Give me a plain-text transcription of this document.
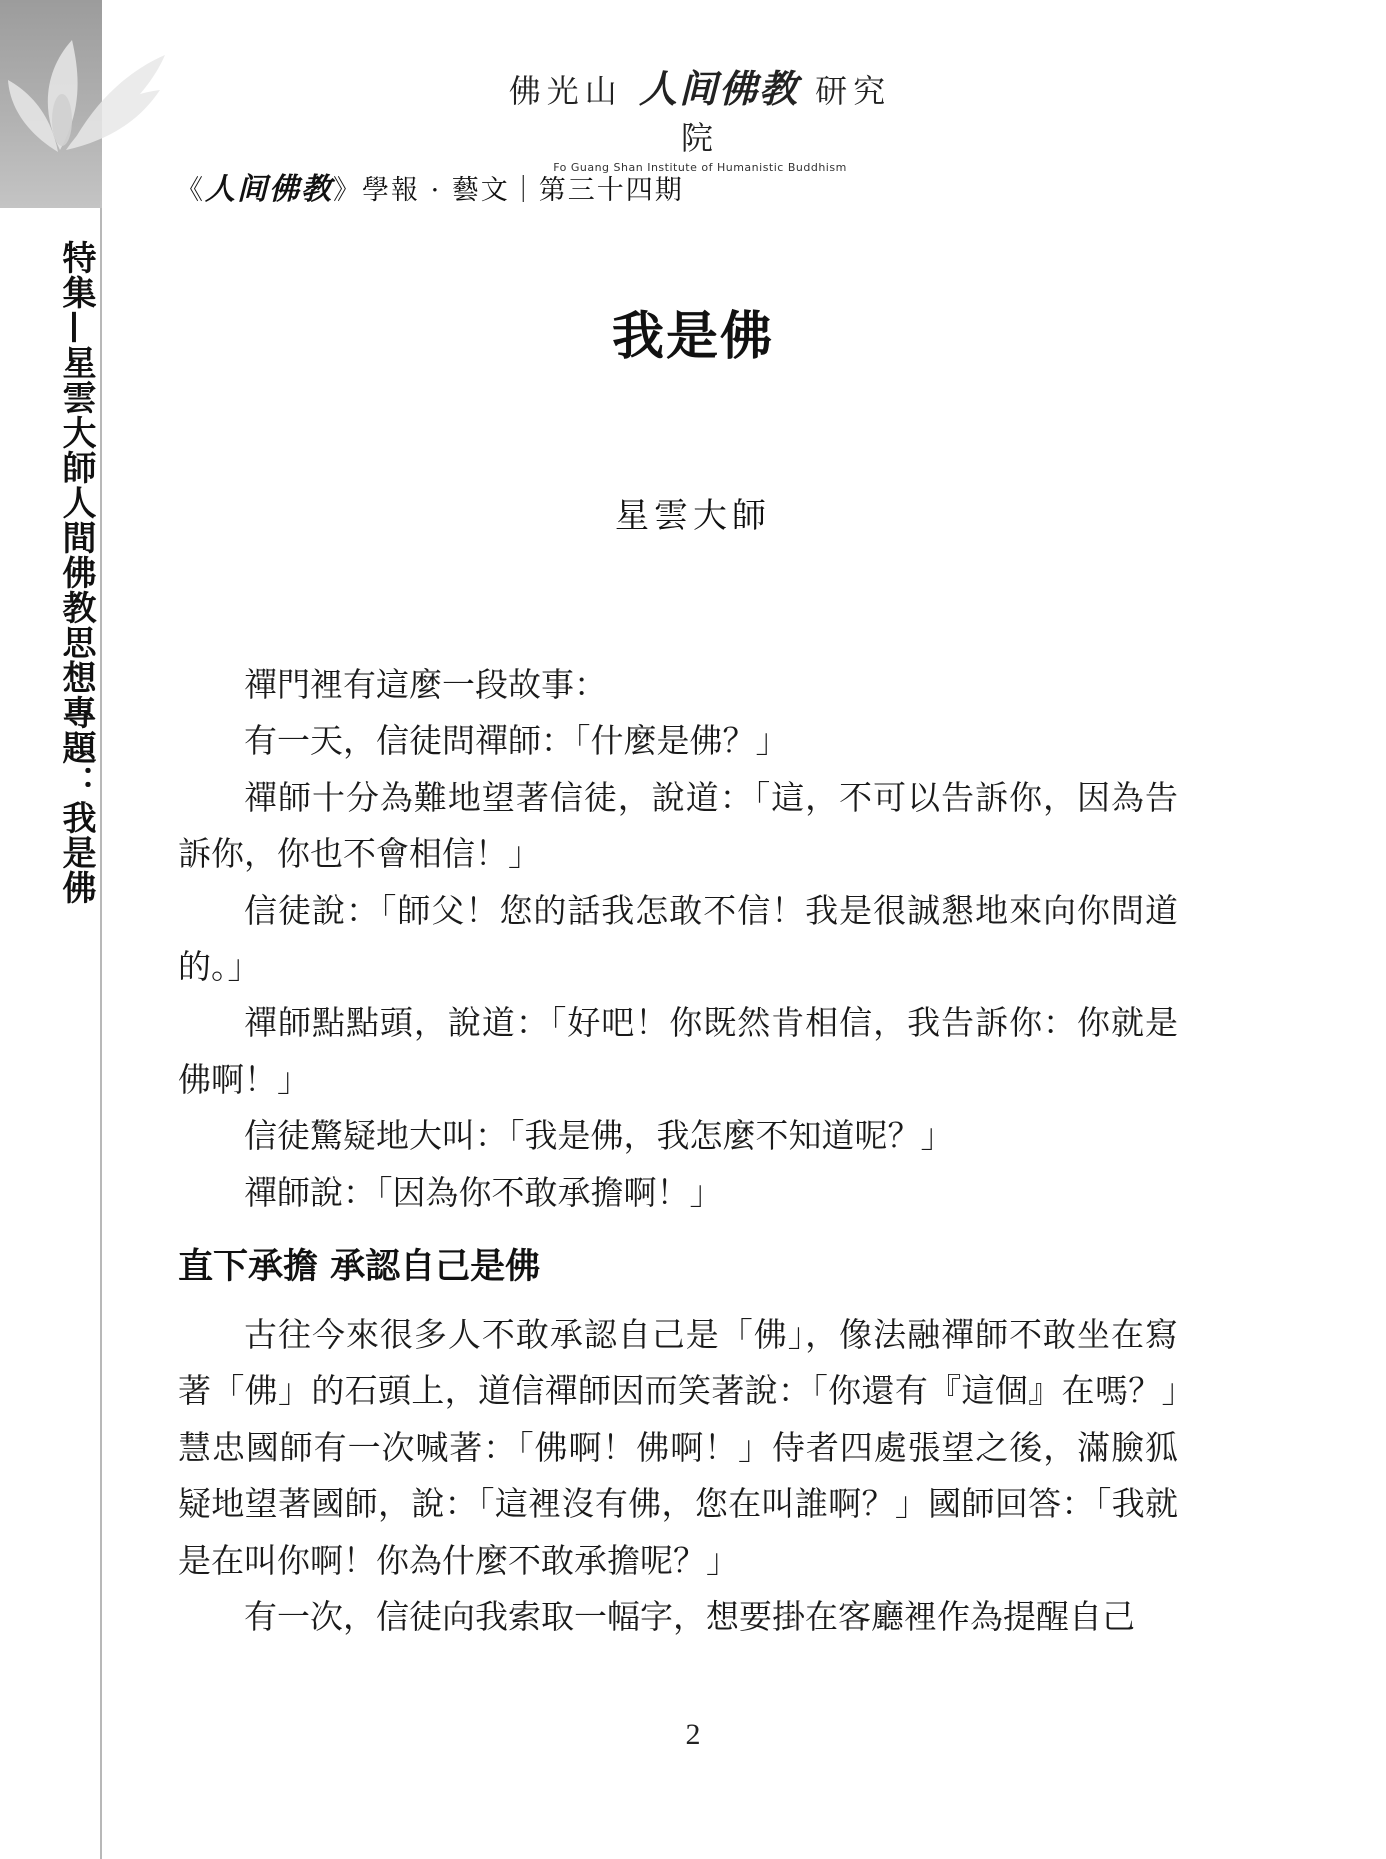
特集—星雲大師人間佛教思想專題：我是佛
佛光山 人间佛教 研究院
Fo Guang Shan Institute of Humanistic Buddhism
《人间佛教》學報 · 藝文｜第三十四期
我是佛
星雲大師

禪門裡有這麼一段故事：

有一天，信徒問禪師：「什麼是佛？」

禪師十分為難地望著信徒，說道：「這，不可以告訴你，因為告訴你，你也不會相信！」

信徒說：「師父！您的話我怎敢不信！我是很誠懇地來向你問道的。」

禪師點點頭，說道：「好吧！你既然肯相信，我告訴你：你就是佛啊！」

信徒驚疑地大叫：「我是佛，我怎麼不知道呢？」

禪師說：「因為你不敢承擔啊！」

直下承擔 承認自己是佛

古往今來很多人不敢承認自己是「佛」，像法融禪師不敢坐在寫著「佛」的石頭上，道信禪師因而笑著說：「你還有『這個』在嗎？」慧忠國師有一次喊著：「佛啊！佛啊！」侍者四處張望之後，滿臉狐疑地望著國師，說：「這裡沒有佛，您在叫誰啊？」國師回答：「我就是在叫你啊！你為什麼不敢承擔呢？」

有一次，信徒向我索取一幅字，想要掛在客廳裡作為提醒自己

2
